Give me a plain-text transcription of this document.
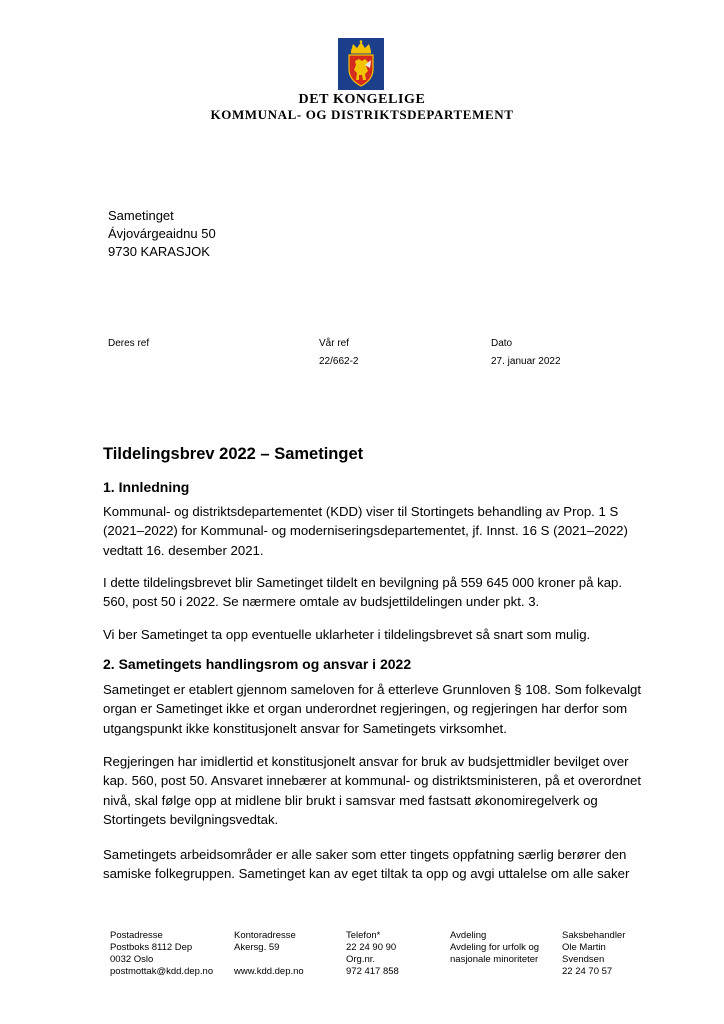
DET KONGELIGE
KOMMUNAL- OG DISTRIKTSDEPARTEMENT
Sametinget
Ávjovárgeaidnu 50
9730 KARASJOK
Deres ref	Vår ref
22/662-2
Dato
27. januar 2022
Tildelingsbrev 2022 – Sametinget
1. Innledning
Kommunal- og distriktsdepartementet (KDD) viser til Stortingets behandling av Prop. 1 S
(2021–2022) for Kommunal- og moderniseringsdepartementet, jf. Innst. 16 S (2021–2022)
vedtatt 16. desember 2021.
I dette tildelingsbrevet blir Sametinget tildelt en bevilgning på 559 645 000 kroner på kap.
560, post 50 i 2022. Se nærmere omtale av budsjettildelingen under pkt. 3.
Vi ber Sametinget ta opp eventuelle uklarheter i tildelingsbrevet så snart som mulig.
2. Sametingets handlingsrom og ansvar i 2022
Sametinget er etablert gjennom sameloven for å etterleve Grunnloven § 108. Som folkevalgt
organ er Sametinget ikke et organ underordnet regjeringen, og regjeringen har derfor som
utgangspunkt ikke konstitusjonelt ansvar for Sametingets virksomhet.
Regjeringen har imidlertid et konstitusjonelt ansvar for bruk av budsjettmidler bevilget over
kap. 560, post 50. Ansvaret innebærer at kommunal- og distriktsministeren, på et overordnet
nivå, skal følge opp at midlene blir brukt i samsvar med fastsatt økonomiregelverk og
Stortingets bevilgningsvedtak.
Sametingets arbeidsområder er alle saker som etter tingets oppfatning særlig berører den
samiske folkegruppen. Sametinget kan av eget tiltak ta opp og avgi uttalelse om alle saker
Postadresse
Postboks 8112 Dep
0032 Oslo
postmottak@kdd.dep.no
Kontoradresse
Akersg. 59

www.kdd.dep.no
Telefon*
22 24 90 90
Org.nr.
972 417 858
Avdeling
Avdeling for urfolk og
nasjonale minoriteter
Saksbehandler
Ole Martin
Svendsen
22 24 70 57
